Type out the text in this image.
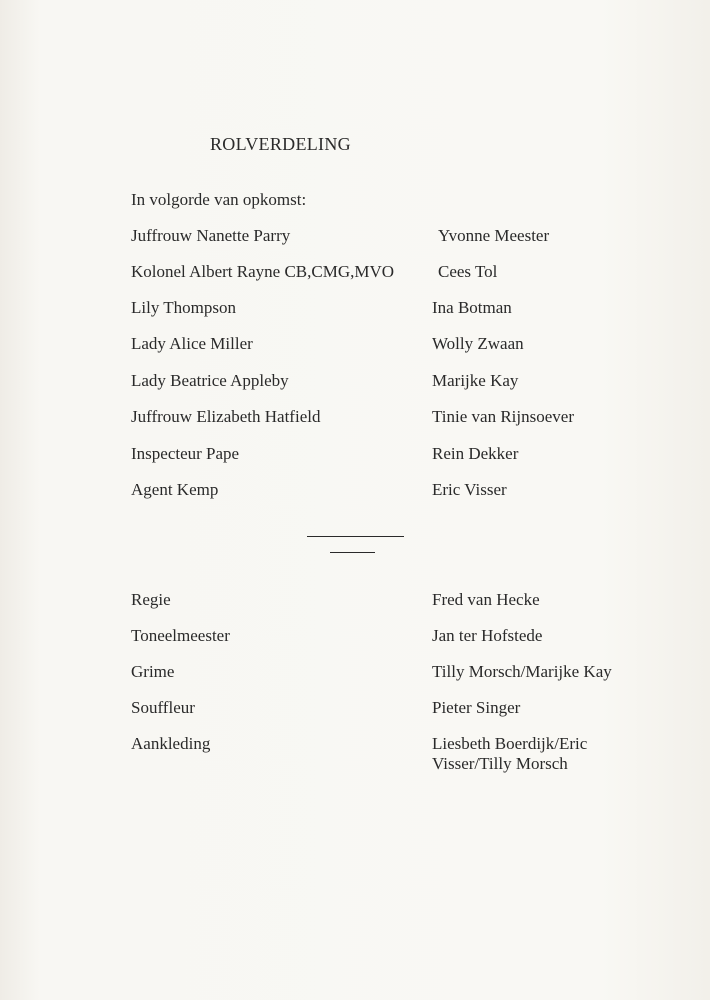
ROLVERDELING
In volgorde van opkomst:
Juffrouw Nanette Parry	Yvonne Meester
Kolonel Albert Rayne CB,CMG,MVO	Cees Tol
Lily Thompson	Ina Botman
Lady Alice Miller	Wolly Zwaan
Lady Beatrice Appleby	Marijke Kay
Juffrouw Elizabeth Hatfield	Tinie van Rijnsoever
Inspecteur Pape	Rein Dekker
Agent Kemp	Eric Visser
Regie	Fred van Hecke
Toneelmeester	Jan ter Hofstede
Grime	Tilly Morsch/Marijke Kay
Souffleur	Pieter Singer
Aankleding	Liesbeth Boerdijk/Eric Visser/Tilly Morsch
